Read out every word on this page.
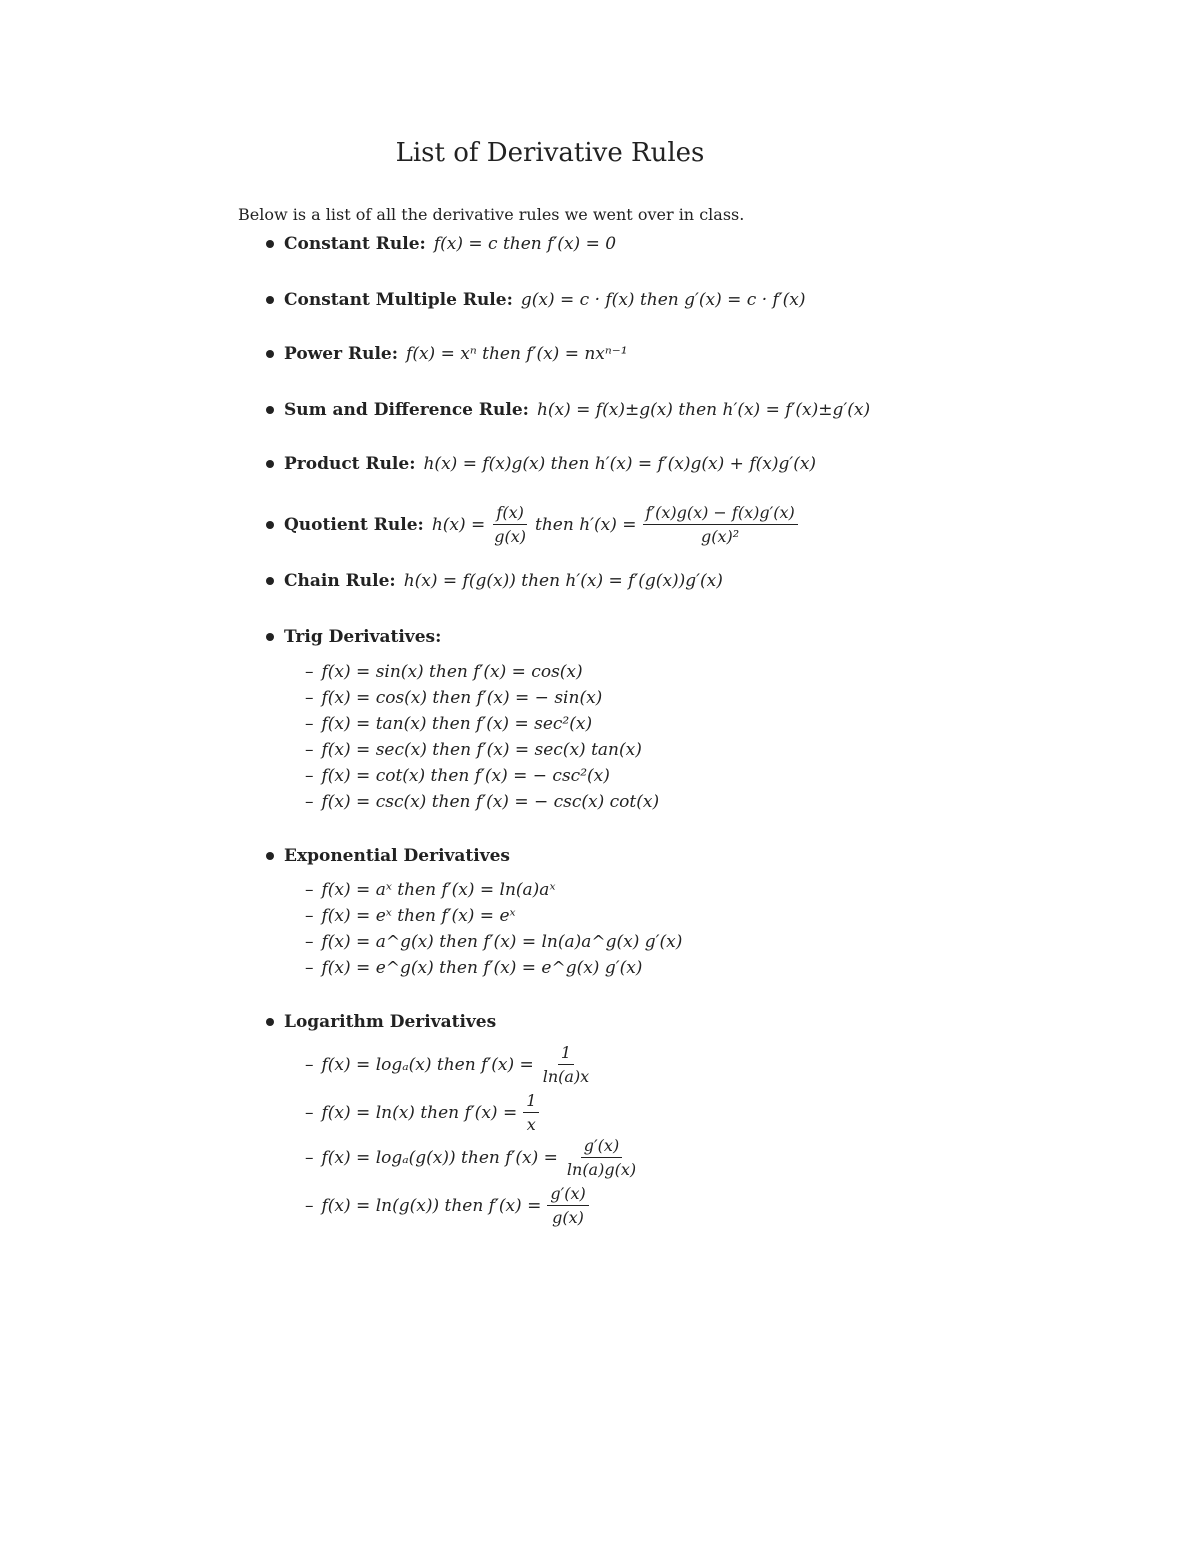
List of Derivative Rules
Below is a list of all the derivative rules we went over in class.
Constant Rule: f(x) = c then f′(x) = 0
Constant Multiple Rule: g(x) = c · f(x) then g′(x) = c · f′(x)
Power Rule: f(x) = xⁿ then f′(x) = nxⁿ⁻¹
Sum and Difference Rule: h(x) = f(x)±g(x) then h′(x) = f′(x)±g′(x)
Product Rule: h(x) = f(x)g(x) then h′(x) = f′(x)g(x) + f(x)g′(x)
Quotient Rule: $h(x) = \frac{f(x)}{g(x)}$ then $h'(x) = \frac{f'(x)g(x) - f(x)g'(x)}{\text{g(x)²}}$
Chain Rule: h(x) = f(g(x)) then h′(x) = f′(g(x))g′(x)
Trig Derivatives:
– f(x) = sin(x) then f′(x) = cos(x)
– f(x) = cos(x) then f′(x) = − sin(x)
– f(x) = tan(x) then f′(x) = sec²(x)
– f(x) = sec(x) then f′(x) = sec(x) tan(x)
– f(x) = cot(x) then f′(x) = − csc²(x)
– f(x) = csc(x) then f′(x) = − csc(x) cot(x)
Exponential Derivatives
– f(x) = aˣ then f′(x) = ln(a)aˣ
– f(x) = eˣ then f′(x) = eˣ
– f(x) = a^g(x) then f′(x) = ln(a)a^g(x) g′(x)
– f(x) = e^g(x) then f′(x) = e^g(x) g′(x)
Logarithm Derivatives
– f(x) = logₐ(x) then $f'(x) = \frac{1}{\ln(a)x}$
– f(x) = ln(x) then $f'(x) = \frac{1}{x}$
– f(x) = logₐ(g(x)) then $f'(x) = \frac{g'(x)}{\ln(a)g(x)}$
– f(x) = ln(g(x)) then $f'(x) = \frac{g'(x)}{g(x)}$
